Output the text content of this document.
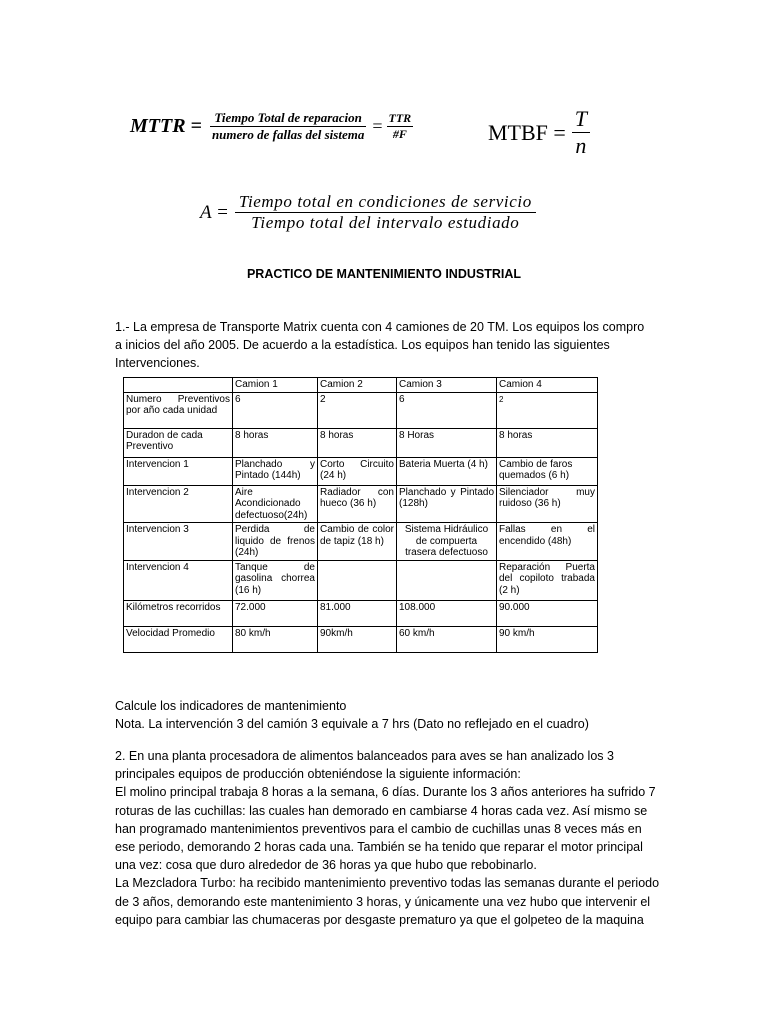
MTTR = $\frac{\text{Tiempo Total de reparacion}}{\text{numero de fallas del sistema}} = \frac{\text{TTR}}{\#F}$	MTBF = $\frac{T}{n}$
$A = \frac{\text{Tiempo total en condiciones de servicio}}{\text{Tiempo total del intervalo estudiado}}$
PRACTICO DE MANTENIMIENTO INDUSTRIAL
1.- La empresa de Transporte Matrix cuenta con 4 camiones de 20 TM. Los equipos los compro
a inicios del año 2005. De acuerdo a la estadística. Los equipos han tenido las siguientes
Intervenciones.
	Camion 1	Camion 2	Camion 3	Camion 4
Numero Preventivos por año cada unidad	6	2	6	2
Duradon de cada Preventivo	8 horas	8 horas	8 Horas	8 horas
Intervencion 1	Planchado y Pintado (144h)	Corto Circuito (24 h)	Bateria Muerta (4 h)	Cambio de faros quemados (6 h)
Intervencion 2	Aire Acondicionado defectuoso(24h)	Radiador con hueco (36 h)	Planchado y Pintado (128h)	Silenciador muy ruidoso (36 h)
Intervencion 3	Perdida de liquido de frenos (24h)	Cambio de color de tapiz (18 h)	Sistema Hidráulico de compuerta trasera defectuoso	Fallas en el encendido (48h)
Intervencion 4	Tanque de gasolina chorrea (16 h)			Reparación Puerta del copiloto trabada (2 h)
Kilómetros recorridos	72.000	81.000	108.000	90.000
Velocidad Promedio	80 km/h	90km/h	60 km/h	90 km/h
Calcule los indicadores de mantenimiento
Nota. La intervención 3 del camión 3 equivale a 7 hrs (Dato no reflejado en el cuadro)
2. En una planta procesadora de alimentos balanceados para aves se han analizado los 3
principales equipos de producción obteniéndose la siguiente información:
El molino principal trabaja 8 horas a la semana, 6 días. Durante los 3 años anteriores ha sufrido 7
roturas de las cuchillas: las cuales han demorado en cambiarse 4 horas cada vez. Así mismo se
han programado mantenimientos preventivos para el cambio de cuchillas unas 8 veces más en
ese periodo, demorando 2 horas cada una. También se ha tenido que reparar el motor principal
una vez: cosa que duro alrededor de 36 horas ya que hubo que rebobinarlo.
La Mezcladora Turbo: ha recibido mantenimiento preventivo todas las semanas durante el periodo
de 3 años, demorando este mantenimiento 3 horas, y únicamente una vez hubo que intervenir el
equipo para cambiar las chumaceras por desgaste prematuro ya que el golpeteo de la maquina
